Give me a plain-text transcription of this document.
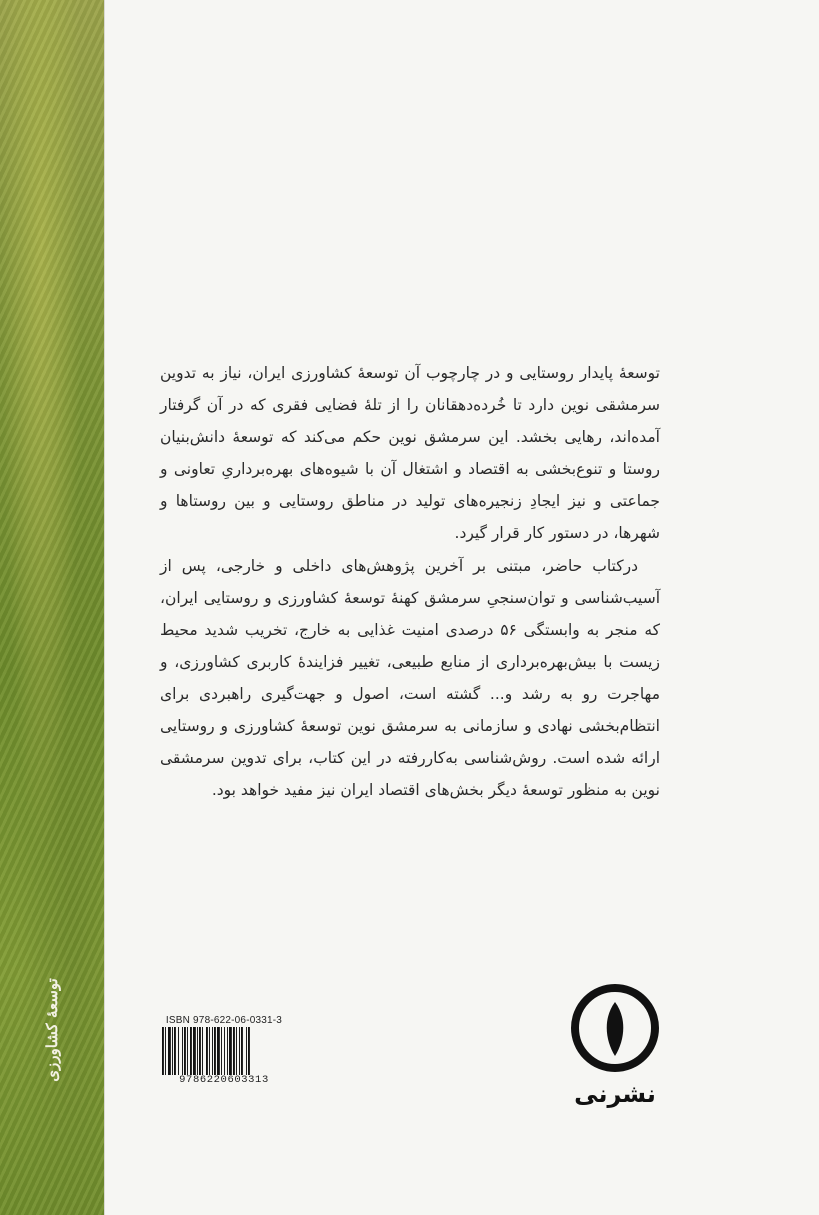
توسعهٔ کشاورزی

توسعهٔ پایدار روستایی و در چارچوب آن توسعهٔ کشاورزی ایران، نیاز به تدوین سرمشقی نوین دارد تا خُرده‌دهقانان را از تلهٔ فضایی فقری که در آن گرفتار آمده‌اند، رهایی بخشد. این سرمشق نوین حکم می‌کند که توسعهٔ دانش‌بنیان روستا و تنوع‌بخشی به اقتصاد و اشتغال آن با شیوه‌های بهره‌برداریِ تعاونی و جماعتی و نیز ایجادِ زنجیره‌های تولید در مناطق روستایی و بین روستاها و شهرها، در دستور کار قرار گیرد.

درکتاب حاضر، مبتنی بر آخرین پژوهش‌های داخلی و خارجی، پس از آسیب‌شناسی و توان‌سنجیِ سرمشق کهنهٔ توسعهٔ کشاورزی و روستایی ایران، که منجر به وابستگی ۵۶ درصدی امنیت غذایی به خارج، تخریب شدید محیط زیست با بیش‌بهره‌برداری از منابع طبیعی، تغییر فزایندهٔ کاربری کشاورزی، و مهاجرت رو به رشد و... گشته است، اصول و جهت‌گیری راهبردی برای انتظام‌بخشی نهادی و سازمانی به سرمشق نوین توسعهٔ کشاورزی و روستایی ارائه شده است. روش‌شناسی به‌کاررفته در این کتاب، برای تدوین سرمشقی نوین به منظور توسعهٔ دیگر بخش‌های اقتصاد ایران نیز مفید خواهد بود.

ISBN 978-622-06-0331-3
9786220603313	نشرنی
